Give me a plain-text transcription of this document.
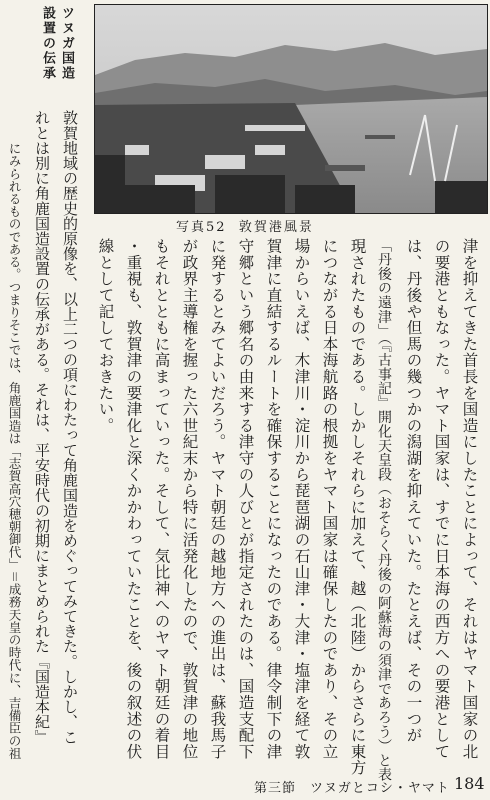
ツヌガ国造
設置の伝承
写真52 敦賀港風景
津を抑えてきた首長を国造にしたことによって、それはヤマト国家の北
の要港ともなった。ヤマト国家は、すでに日本海の西方への要港として
は、丹後や但馬の幾つかの潟湖を抑えていた。たとえば、その一つが
「丹後の遠津」（『古事記』開化天皇段（おそらく丹後の阿蘇海の須津であろう）と表
現されたものである。しかしそれらに加えて、越（北陸）からさらに東方
につながる日本海航路の根拠をヤマト国家は確保したのであり、その立
場からいえば、木津川・淀川から琵琶湖の石山津・大津・塩津を経て敦
賀津に直結するルートを確保することになったのである。律令制下の津
守郷という郷名の由来する津守の人びとが指定されたのは、国造支配下
に発するとみてよいだろう。ヤマト朝廷の越地方への進出は、蘇我馬子
が政界主導権を握った六世紀末から特に活発化したので、敦賀津の地位
もそれとともに高まっていった。そして、気比神へのヤマト朝廷の着目
・重視も、敦賀津の要津化と深くかかわっていたことを、後の叙述の伏
線として記しておきたい。
敦賀地域の歴史的原像を、以上二つの項にわたって角鹿国造をめぐってみてきた。しかし、こ
れとは別に角鹿国造設置の伝承がある。それは、平安時代の初期にまとめられた『国造本紀』
にみられるものである。つまりそこでは、角鹿国造は「志賀高穴穂朝御代」＝成務天皇の時代に、吉備臣の祖
第三節　ツヌガとコシ・ヤマト 184
